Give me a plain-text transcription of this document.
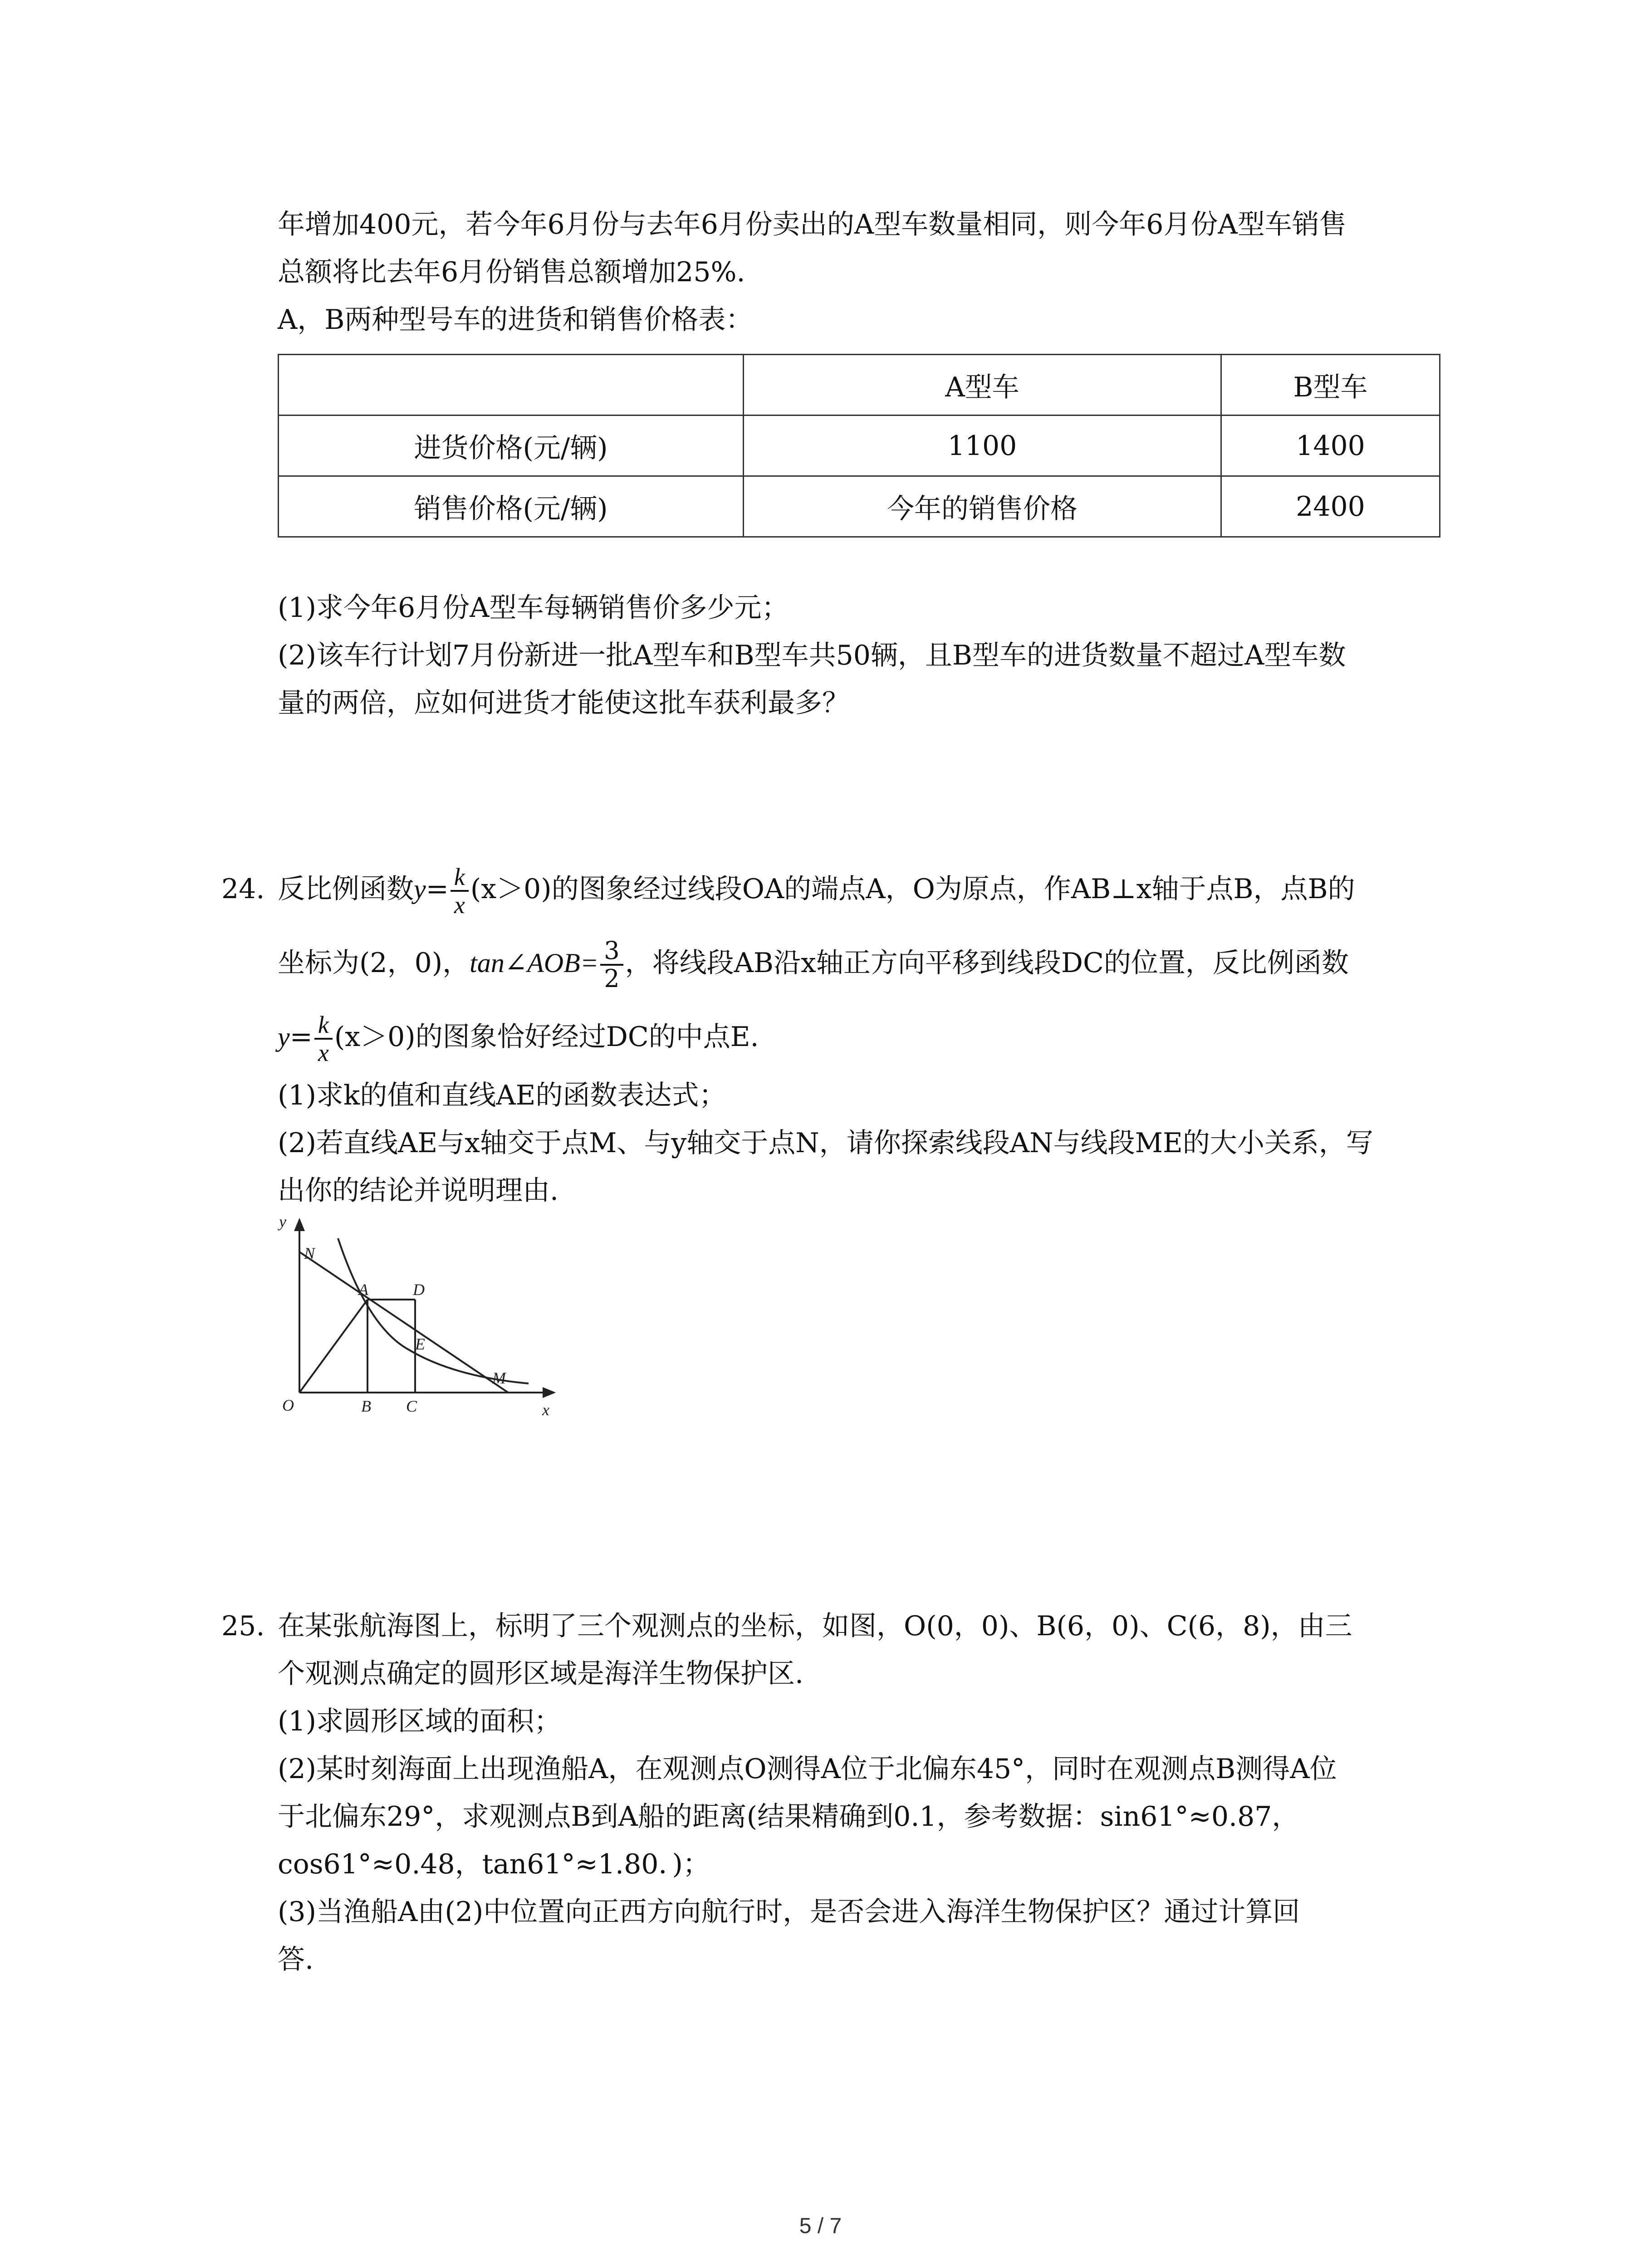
年增加400元，若今年6月份与去年6月份卖出的A型车数量相同，则今年6月份A型车销售
总额将比去年6月份销售总额增加25%.
A，B两种型号车的进货和销售价格表：
	A型车	B型车
进货价格(元/辆)	1100	1400
销售价格(元/辆)	今年的销售价格	2400
(1)求今年6月份A型车每辆销售价多少元；
(2)该车行计划7月份新进一批A型车和B型车共50辆，且B型车的进货数量不超过A型车数
量的两倍，应如何进货才能使这批车获利最多？
24. 反比例函数$y= \frac{k}{x} (x>0)$的图象经过线段OA的端点A，O为原点，作AB⊥x轴于点B，点B的
坐标为(2，0)，tan∠AOB= $\frac{3}{2}$ ，将线段AB沿x轴正方向平移到线段DC的位置，反比例函数
$y= \frac{k}{x} (x>0)$的图象恰好经过DC的中点E.
(1)求k的值和直线AE的函数表达式；
(2)若直线AE与x轴交于点M、与y轴交于点N，请你探索线段AN与线段ME的大小关系，写
出你的结论并说明理由.
y
x
O
N
A	D
E
B C
M
25. 在某张航海图上，标明了三个观测点的坐标，如图，O(0，0)、B(6，0)、C(6，8)，由三
个观测点确定的圆形区域是海洋生物保护区.
(1)求圆形区域的面积；
(2)某时刻海面上出现渔船A，在观测点O测得A位于北偏东45°，同时在观测点B测得A位
于北偏东29°，求观测点B到A船的距离(结果精确到0.1，参考数据：sin61°≈0.87，
cos61°≈0.48，tan61°≈1.80．)；
(3)当渔船A由(2)中位置向正西方向航行时，是否会进入海洋生物保护区？通过计算回
答.
5 / 7
